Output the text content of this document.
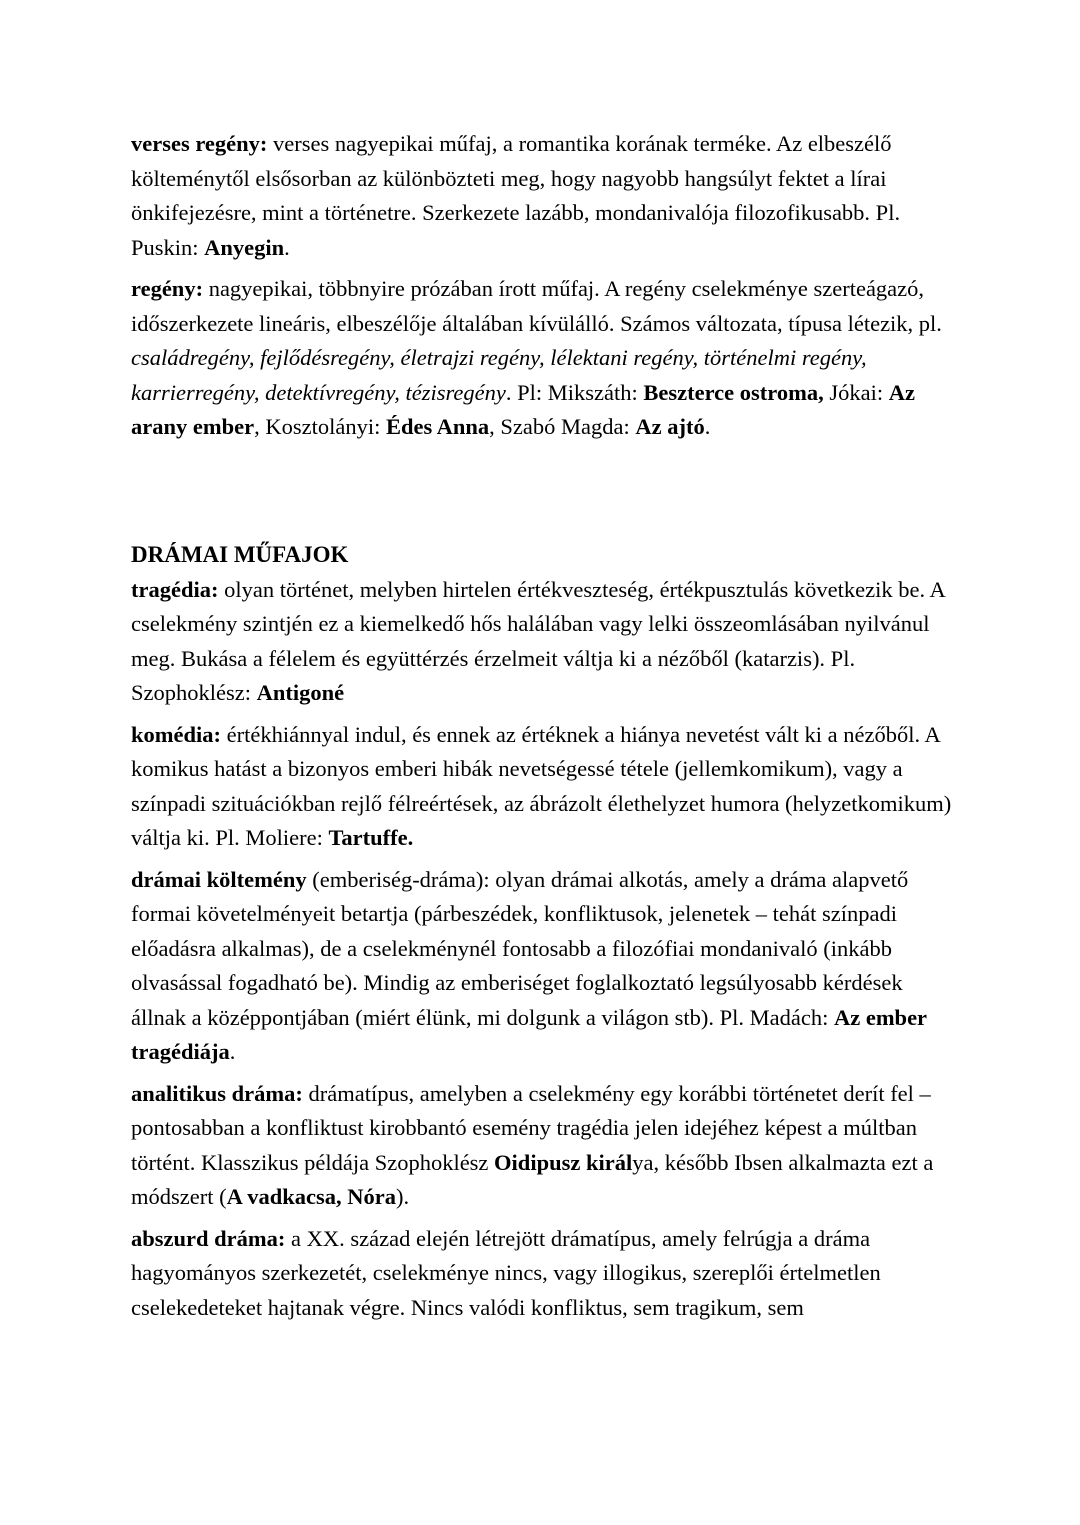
verses regény: verses nagyepikai műfaj, a romantika korának terméke. Az elbeszélő költeménytől elsősorban az különbözteti meg, hogy nagyobb hangsúlyt fektet a lírai önkifejezésre, mint a történetre. Szerkezete lazább, mondanivalója filozofikusabb. Pl. Puskin: Anyegin.

regény: nagyepikai, többnyire prózában írott műfaj. A regény cselekménye szerteágazó, időszerkezete lineáris, elbeszélője általában kívülálló. Számos változata, típusa létezik, pl. családregény, fejlődésregény, életrajzi regény, lélektani regény, történelmi regény, karrierregény, detektívregény, tézisregény. Pl: Mikszáth: Beszterce ostroma, Jókai: Az arany ember, Kosztolányi: Édes Anna, Szabó Magda: Az ajtó.

DRÁMAI MŰFAJOK

tragédia: olyan történet, melyben hirtelen értékveszteség, értékpusztulás következik be. A cselekmény szintjén ez a kiemelkedő hős halálában vagy lelki összeomlásában nyilvánul meg. Bukása a félelem és együttérzés érzelmeit váltja ki a nézőből (katarzis). Pl. Szophoklész: Antigoné

komédia: értékhiánnyal indul, és ennek az értéknek a hiánya nevetést vált ki a nézőből. A komikus hatást a bizonyos emberi hibák nevetségessé tétele (jellemkomikum), vagy a színpadi szituációkban rejlő félreértések, az ábrázolt élethelyzet humora (helyzetkomikum) váltja ki. Pl. Moliere: Tartuffe.

drámai költemény (emberiség-dráma): olyan drámai alkotás, amely a dráma alapvető formai követelményeit betartja (párbeszédek, konfliktusok, jelenetek – tehát színpadi előadásra alkalmas), de a cselekménynél fontosabb a filozófiai mondanivaló (inkább olvasással fogadható be). Mindig az emberiséget foglalkoztató legsúlyosabb kérdések állnak a középpontjában (miért élünk, mi dolgunk a világon stb). Pl. Madách: Az ember tragédiája.

analitikus dráma: drámatípus, amelyben a cselekmény egy korábbi történetet derít fel – pontosabban a konfliktust kirobbantó esemény tragédia jelen idejéhez képest a múltban történt. Klasszikus példája Szophoklész Oidipusz királya, később Ibsen alkalmazta ezt a módszert (A vadkacsa, Nóra).

abszurd dráma: a XX. század elején létrejött drámatípus, amely felrúgja a dráma hagyományos szerkezetét, cselekménye nincs, vagy illogikus, szereplői értelmetlen cselekedeteket hajtanak végre. Nincs valódi konfliktus, sem tragikum, sem
